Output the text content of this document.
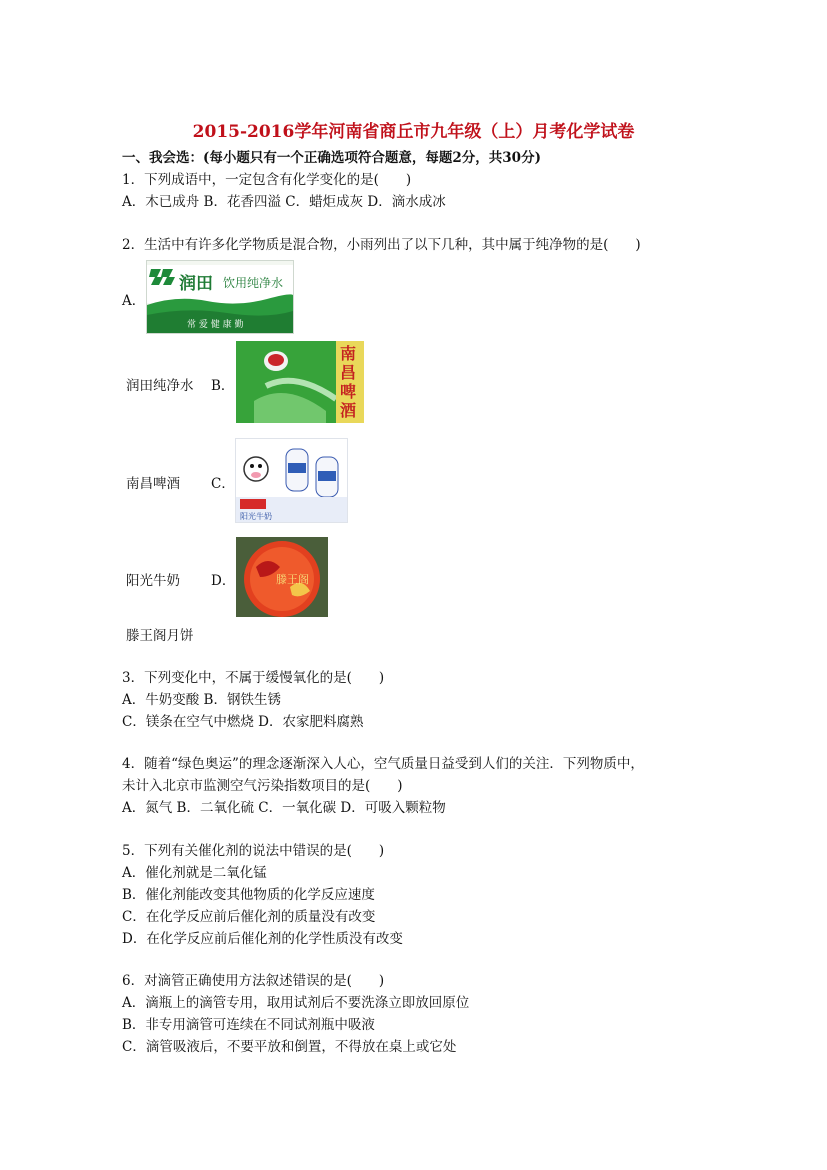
2015-2016学年河南省商丘市九年级（上）月考化学试卷
一、我会选：(每小题只有一个正确选项符合题意，每题2分，共30分)
1．下列成语中，一定包含有化学变化的是(　　)
A．木已成舟 B．花香四溢 C．蜡炬成灰 D．滴水成冰
2．生活中有许多化学物质是混合物，小雨列出了以下几种，其中属于纯净物的是(　　)
A．
润田 饮用纯净水
常 爱 健 康 勤
润田纯净水 B．
南昌啤酒
南昌啤酒 C．
阳光牛奶
阳光牛奶 D．	滕王阁
滕王阁月饼
3．下列变化中，不属于缓慢氧化的是(　　)
A．牛奶变酸 B．钢铁生锈
C．镁条在空气中燃烧 D．农家肥料腐熟
4．随着“绿色奥运”的理念逐渐深入人心，空气质量日益受到人们的关注．下列物质中，
未计入北京市监测空气污染指数项目的是(　　)
A．氮气 B．二氧化硫 C．一氧化碳 D．可吸入颗粒物
5．下列有关催化剂的说法中错误的是(　　)
A．催化剂就是二氧化锰
B．催化剂能改变其他物质的化学反应速度
C．在化学反应前后催化剂的质量没有改变
D．在化学反应前后催化剂的化学性质没有改变
6．对滴管正确使用方法叙述错误的是(　　)
A．滴瓶上的滴管专用，取用试剂后不要洗涤立即放回原位
B．非专用滴管可连续在不同试剂瓶中吸液
C．滴管吸液后，不要平放和倒置，不得放在桌上或它处
